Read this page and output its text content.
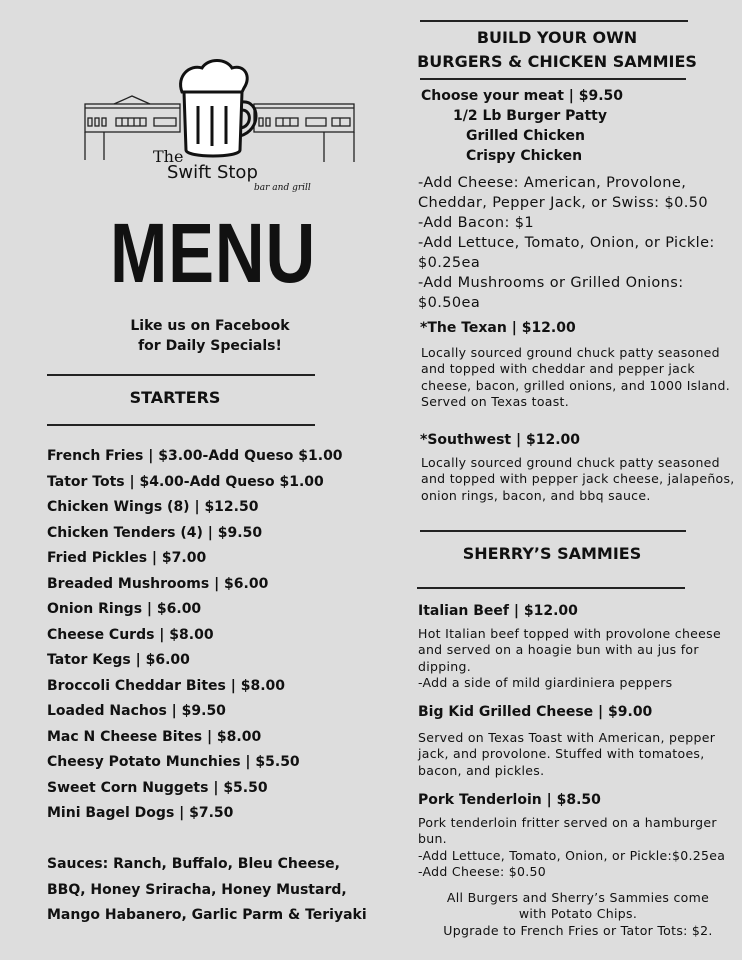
The
Swift Stop
bar and grill
MENU
Like us on Facebook
for Daily Specials!
STARTERS
French Fries | $3.00-Add Queso $1.00
Tator Tots | $4.00-Add Queso $1.00
Chicken Wings (8) | $12.50
Chicken Tenders (4) | $9.50
Fried Pickles | $7.00
Breaded Mushrooms | $6.00
Onion Rings | $6.00
Cheese Curds | $8.00
Tator Kegs | $6.00
Broccoli Cheddar Bites | $8.00
Loaded Nachos | $9.50
Mac N Cheese Bites | $8.00
Cheesy Potato Munchies | $5.50
Sweet Corn Nuggets | $5.50
Mini Bagel Dogs | $7.50
Sauces: Ranch, Buffalo, Bleu Cheese, BBQ, Honey Sriracha, Honey Mustard, Mango Habanero, Garlic Parm & Teriyaki
BUILD YOUR OWN
BURGERS & CHICKEN SAMMIES
Choose your meat | $9.50
1/2 Lb Burger Patty
Grilled Chicken
Crispy Chicken
-Add Cheese: American, Provolone, Cheddar, Pepper Jack, or Swiss: $0.50
-Add Bacon: $1
-Add Lettuce, Tomato, Onion, or Pickle: $0.25ea
-Add Mushrooms or Grilled Onions: $0.50ea
*The Texan | $12.00
Locally sourced ground chuck patty seasoned and topped with cheddar and pepper jack cheese, bacon, grilled onions, and 1000 Island. Served on Texas toast.
*Southwest | $12.00
Locally sourced ground chuck patty seasoned and topped with pepper jack cheese, jalapeños, onion rings, bacon, and bbq sauce.
SHERRY’S SAMMIES
Italian Beef | $12.00
Hot Italian beef topped with provolone cheese and served on a hoagie bun with au jus for dipping.
-Add a side of mild giardiniera peppers
Big Kid Grilled Cheese | $9.00
Served on Texas Toast with American, pepper jack, and provolone. Stuffed with tomatoes, bacon, and pickles.
Pork Tenderloin | $8.50
Pork tenderloin fritter served on a hamburger bun.
-Add Lettuce, Tomato, Onion, or Pickle:$0.25ea
-Add Cheese: $0.50
All Burgers and Sherry’s Sammies come
with Potato Chips.
Upgrade to French Fries or Tator Tots: $2.
